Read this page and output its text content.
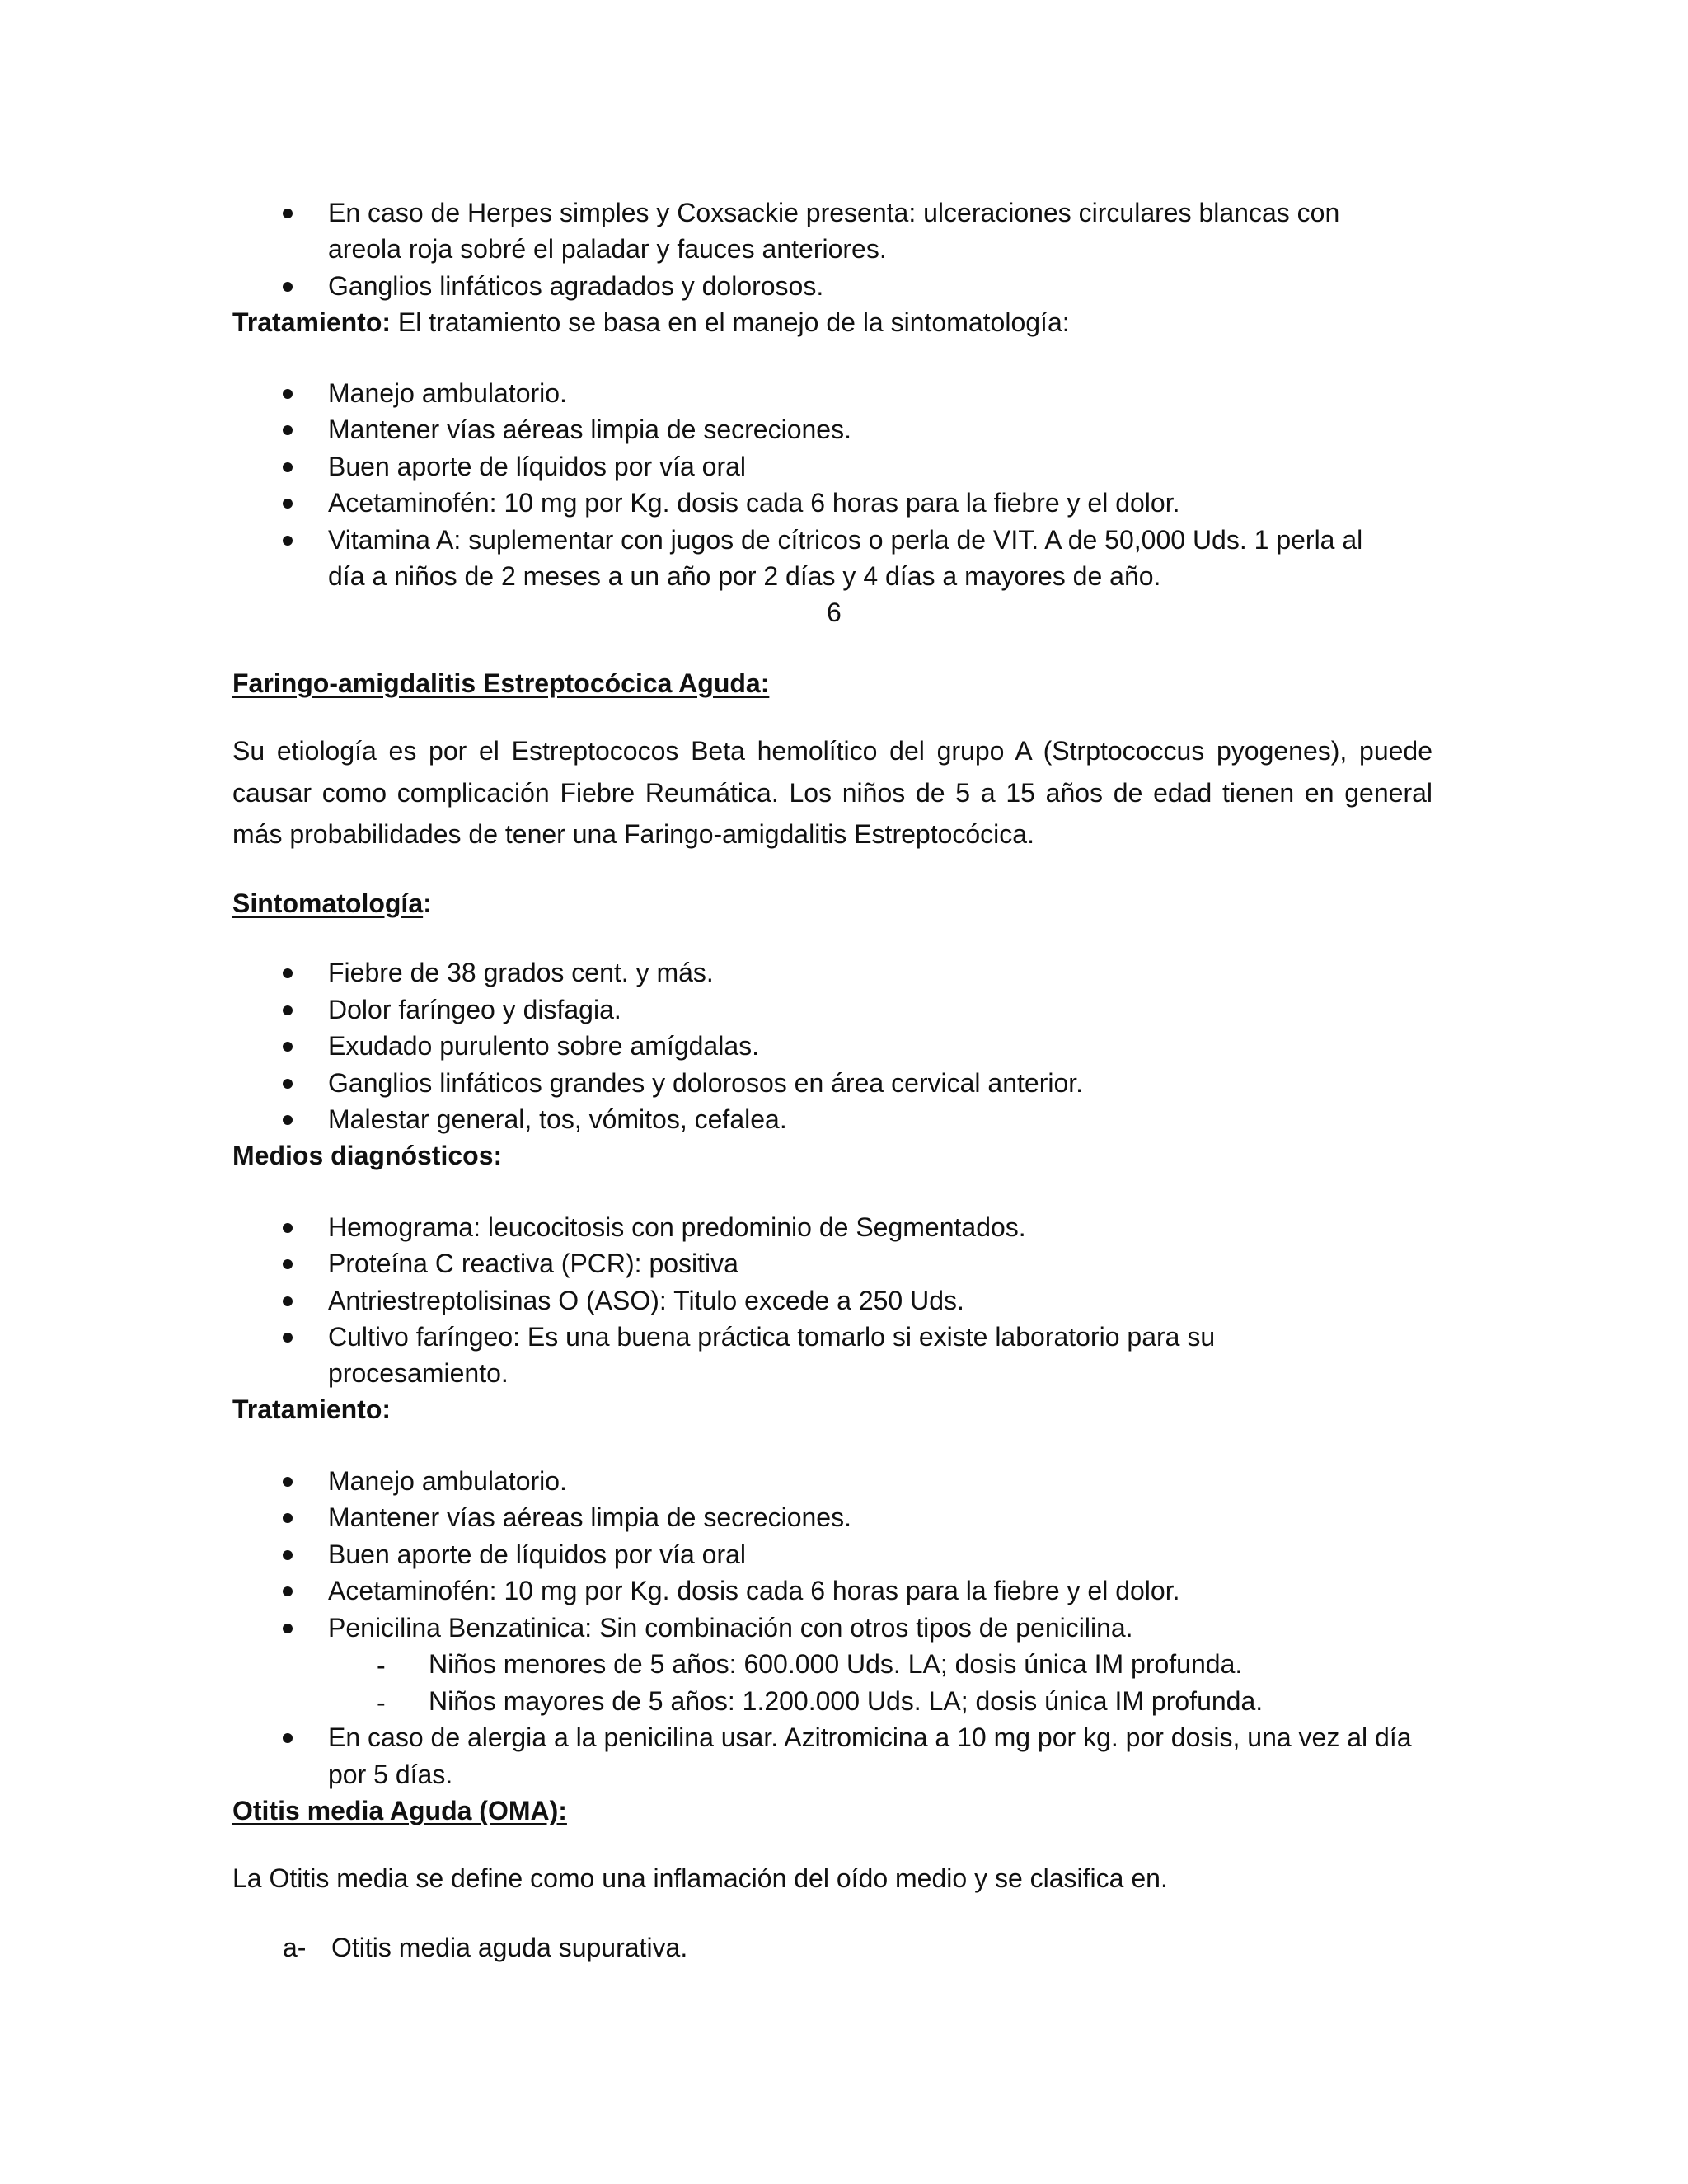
En caso de Herpes simples y Coxsackie presenta: ulceraciones circulares blancas con
areola roja sobré el paladar y fauces anteriores.
Ganglios linfáticos agradados y dolorosos.
Tratamiento: El tratamiento se basa en el manejo de la sintomatología:
Manejo ambulatorio.
Mantener vías aéreas limpia de secreciones.
Buen aporte de líquidos por vía oral
Acetaminofén: 10 mg por Kg. dosis cada 6 horas para la fiebre y el dolor.
Vitamina A: suplementar con jugos de cítricos o perla de VIT. A de 50,000 Uds. 1 perla al
día a niños de 2 meses a un año por 2 días y 4 días a mayores de año.
6
Faringo-amigdalitis Estreptocócica Aguda:
Su etiología es por el Estreptococos Beta hemolítico del grupo A (Strptococcus pyogenes), puede
causar como complicación Fiebre Reumática. Los niños de 5 a 15 años de edad tienen en general
más probabilidades de tener una Faringo-amigdalitis Estreptocócica.
Sintomatología:
Fiebre de 38 grados cent. y más.
Dolor faríngeo y disfagia.
Exudado purulento sobre amígdalas.
Ganglios linfáticos grandes y dolorosos en área cervical anterior.
Malestar general, tos, vómitos, cefalea.
Medios diagnósticos:
Hemograma: leucocitosis con predominio de Segmentados.
Proteína C reactiva (PCR): positiva
Antriestreptolisinas O (ASO): Titulo excede a 250 Uds.
Cultivo faríngeo: Es una buena práctica tomarlo si existe laboratorio para su
procesamiento.
Tratamiento:
Manejo ambulatorio.
Mantener vías aéreas limpia de secreciones.
Buen aporte de líquidos por vía oral
Acetaminofén: 10 mg por Kg. dosis cada 6 horas para la fiebre y el dolor.
Penicilina Benzatinica: Sin combinación con otros tipos de penicilina.
- Niños menores de 5 años: 600.000 Uds. LA; dosis única IM profunda.
- Niños mayores de 5 años: 1.200.000 Uds. LA; dosis única IM profunda.
En caso de alergia a la penicilina usar. Azitromicina a 10 mg por kg. por dosis, una vez al día
por 5 días.
Otitis media Aguda (OMA):
La Otitis media se define como una inflamación del oído medio y se clasifica en.
a- Otitis media aguda supurativa.
